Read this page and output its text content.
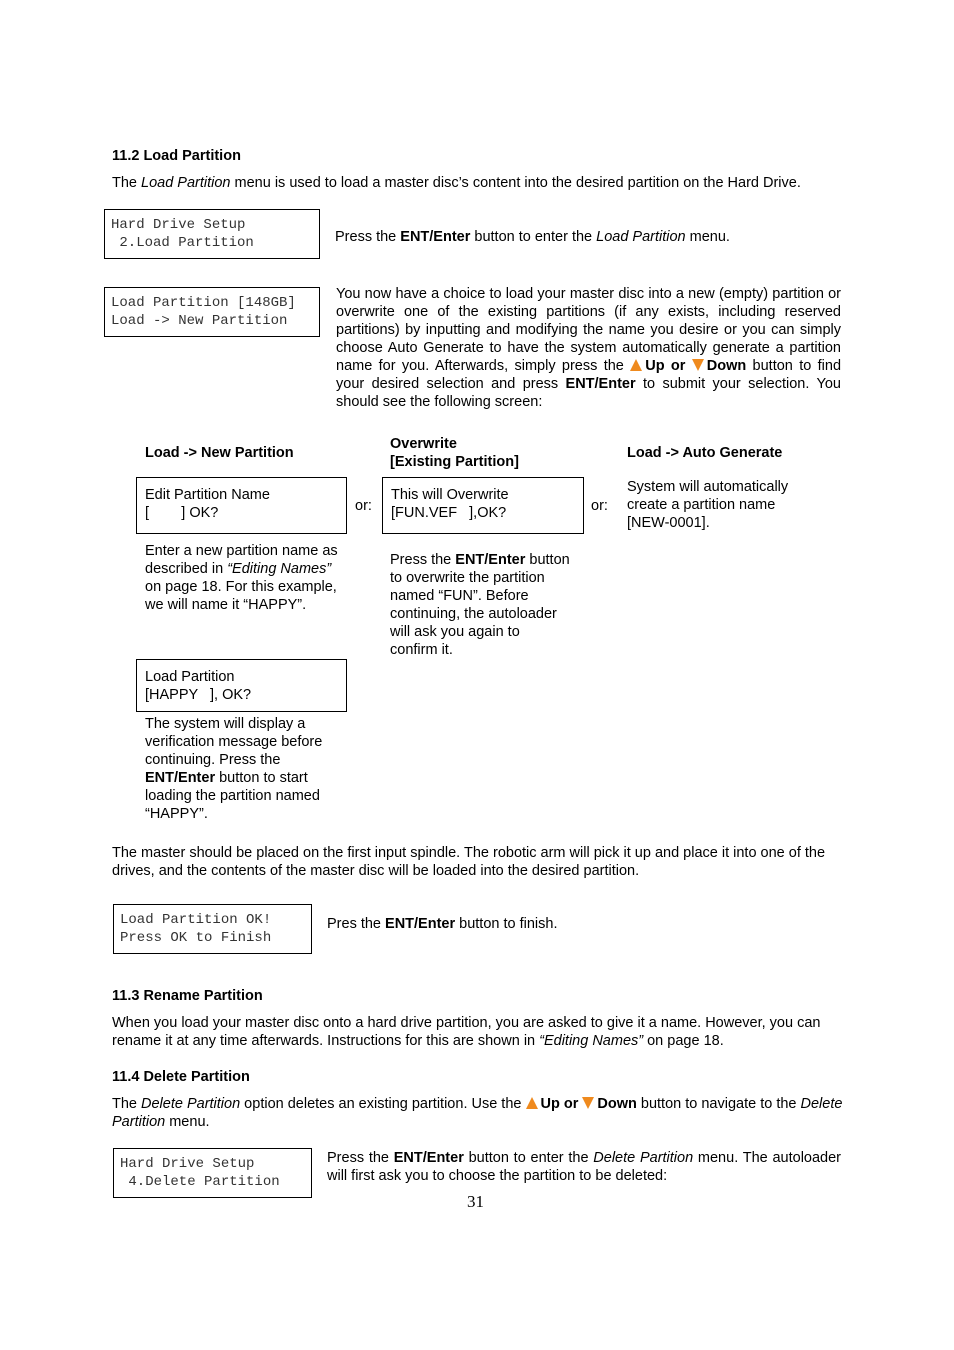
11.2 Load Partition

The Load Partition menu is used to load a master disc’s content into the desired partition on the Hard Drive.

Hard Drive Setup
2.Load Partition	Press the ENT/Enter button to enter the Load Partition menu.

Load Partition [148GB]
Load -> New Partition

You now have a choice to load your master disc into a new (empty) partition or overwrite one of the existing partitions (if any exists, including reserved partitions) by inputting and modifying the name you desire or you can simply choose Auto Generate to have the system automatically generate a partition name for you. Afterwards, simply press the Up or Down button to find your desired selection and press ENT/Enter to submit your selection. You should see the following screen:

Load -> New Partition
Overwrite
[Existing Partition]
Load -> Auto Generate
Edit Partition Name
[        ] OK?	or:
This will Overwrite
[FUN.VEF   ],OK?	or:

System will automatically create a partition name [NEW-0001].

Enter a new partition name as described in “Editing Names” on page 18. For this example, we will name it “HAPPY”.

Press the ENT/Enter button to overwrite the partition named “FUN”. Before continuing, the autoloader will ask you again to confirm it.

Load Partition
[HAPPY   ], OK?

The system will display a verification message before continuing. Press the ENT/Enter button to start loading the partition named “HAPPY”.

The master should be placed on the first input spindle. The robotic arm will pick it up and place it into one of the drives, and the contents of the master disc will be loaded into the desired partition.

Load Partition OK!
Press OK to Finish

Pres the ENT/Enter button to finish.

11.3 Rename Partition

When you load your master disc onto a hard drive partition, you are asked to give it a name. However, you can rename it at any time afterwards. Instructions for this are shown in “Editing Names” on page 18.

11.4 Delete Partition

The Delete Partition option deletes an existing partition. Use the Up or Down button to navigate to the Delete Partition menu.

Hard Drive Setup
4.Delete Partition

Press the ENT/Enter button to enter the Delete Partition menu. The autoloader will first ask you to choose the partition to be deleted:

31
